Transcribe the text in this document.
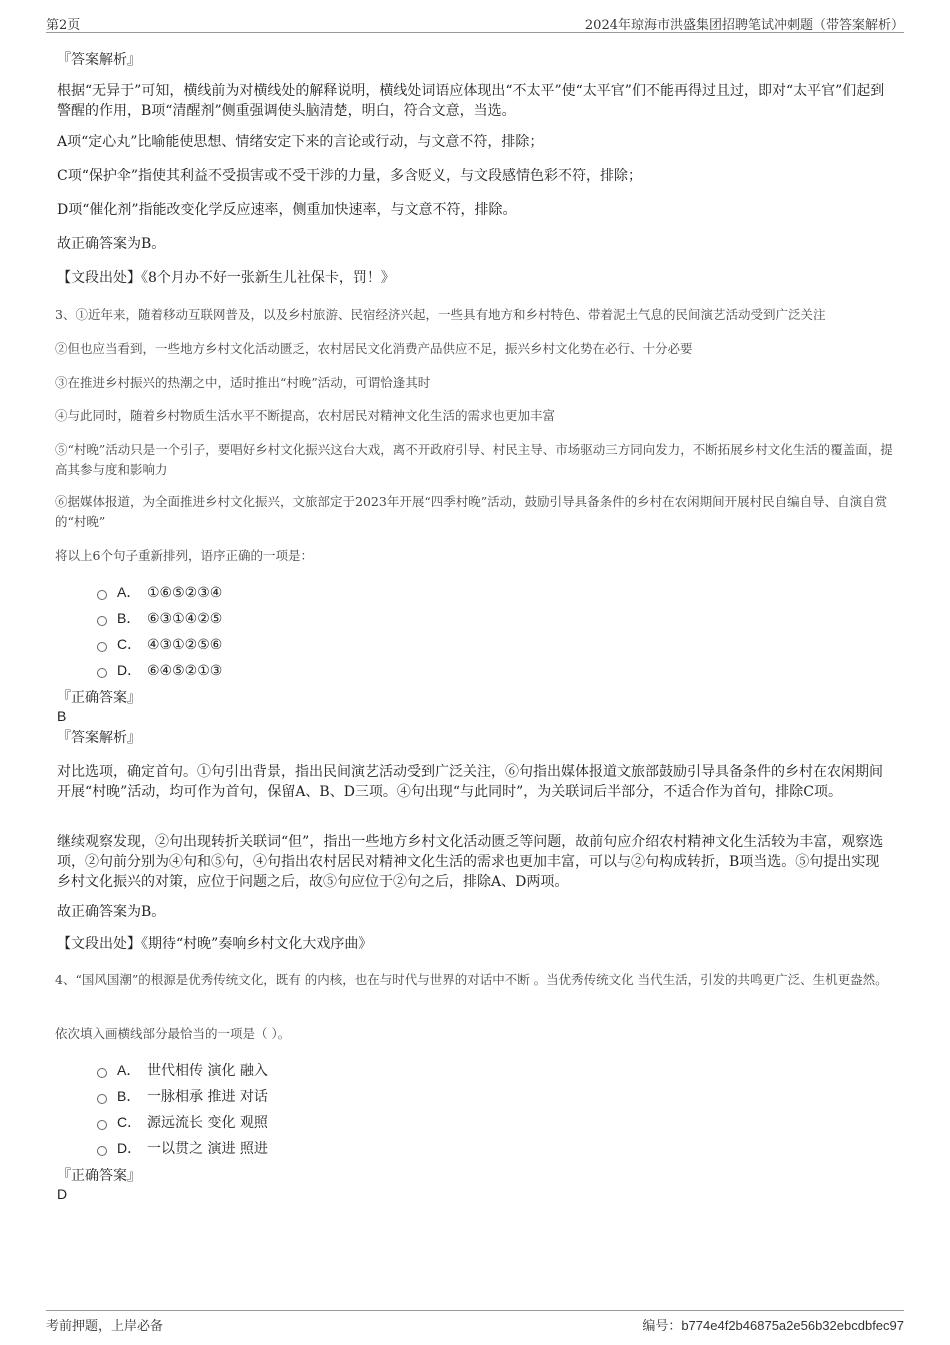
第2页	2024年琼海市洪盛集团招聘笔试冲刺题（带答案解析）
『答案解析』
根据“无异于”可知，横线前为对横线处的解释说明，横线处词语应体现出“不太平”使“太平官”们不能再得过且过，即对“太平官”们起到警醒的作用，B项“清醒剂”侧重强调使头脑清楚，明白，符合文意，当选。
A项“定心丸”比喻能使思想、情绪安定下来的言论或行动，与文意不符，排除；
C项“保护伞”指使其利益不受损害或不受干涉的力量，多含贬义，与文段感情色彩不符，排除；
D项“催化剂”指能改变化学反应速率，侧重加快速率，与文意不符，排除。
故正确答案为B。
【文段出处】《8个月办不好一张新生儿社保卡，罚！》
3、①近年来，随着移动互联网普及，以及乡村旅游、民宿经济兴起，一些具有地方和乡村特色、带着泥土气息的民间演艺活动受到广泛关注
②但也应当看到，一些地方乡村文化活动匮乏，农村居民文化消费产品供应不足，振兴乡村文化势在必行、十分必要
③在推进乡村振兴的热潮之中，适时推出“村晚”活动，可谓恰逢其时
④与此同时，随着乡村物质生活水平不断提高，农村居民对精神文化生活的需求也更加丰富
⑤“村晚”活动只是一个引子，要唱好乡村文化振兴这台大戏，离不开政府引导、村民主导、市场驱动三方同向发力，不断拓展乡村文化生活的覆盖面，提高其参与度和影响力
⑥据媒体报道，为全面推进乡村文化振兴，文旅部定于2023年开展“四季村晚”活动，鼓励引导具备条件的乡村在农闲期间开展村民自编自导、自演自赏的“村晚”
将以上6个句子重新排列，语序正确的一项是：
A． ①⑥⑤②③④
B． ⑥③①④②⑤
C． ④③①②⑤⑥
D． ⑥④⑤②①③
『正确答案』
B
『答案解析』
对比选项，确定首句。①句引出背景，指出民间演艺活动受到广泛关注，⑥句指出媒体报道文旅部鼓励引导具备条件的乡村在农闲期间开展“村晚”活动，均可作为首句，保留A、B、D三项。④句出现“与此同时”，为关联词后半部分，不适合作为首句，排除C项。
继续观察发现，②句出现转折关联词“但”，指出一些地方乡村文化活动匮乏等问题，故前句应介绍农村精神文化生活较为丰富，观察选项，②句前分别为④句和⑤句，④句指出农村居民对精神文化生活的需求也更加丰富，可以与②句构成转折，B项当选。⑤句提出实现乡村文化振兴的对策，应位于问题之后，故⑤句应位于②句之后，排除A、D两项。
故正确答案为B。
【文段出处】《期待“村晚”奏响乡村文化大戏序曲》
4、“国风国潮”的根源是优秀传统文化，既有 的内核，也在与时代与世界的对话中不断 。当优秀传统文化 当代生活，引发的共鸣更广泛、生机更盎然。
依次填入画横线部分最恰当的一项是（ ）。
A． 世代相传 演化 融入
B． 一脉相承 推进 对话
C． 源远流长 变化 观照
D． 一以贯之 演进 照进
『正确答案』
D
考前押题，上岸必备	编号：b774e4f2b46875a2e56b32ebcdbfec97
